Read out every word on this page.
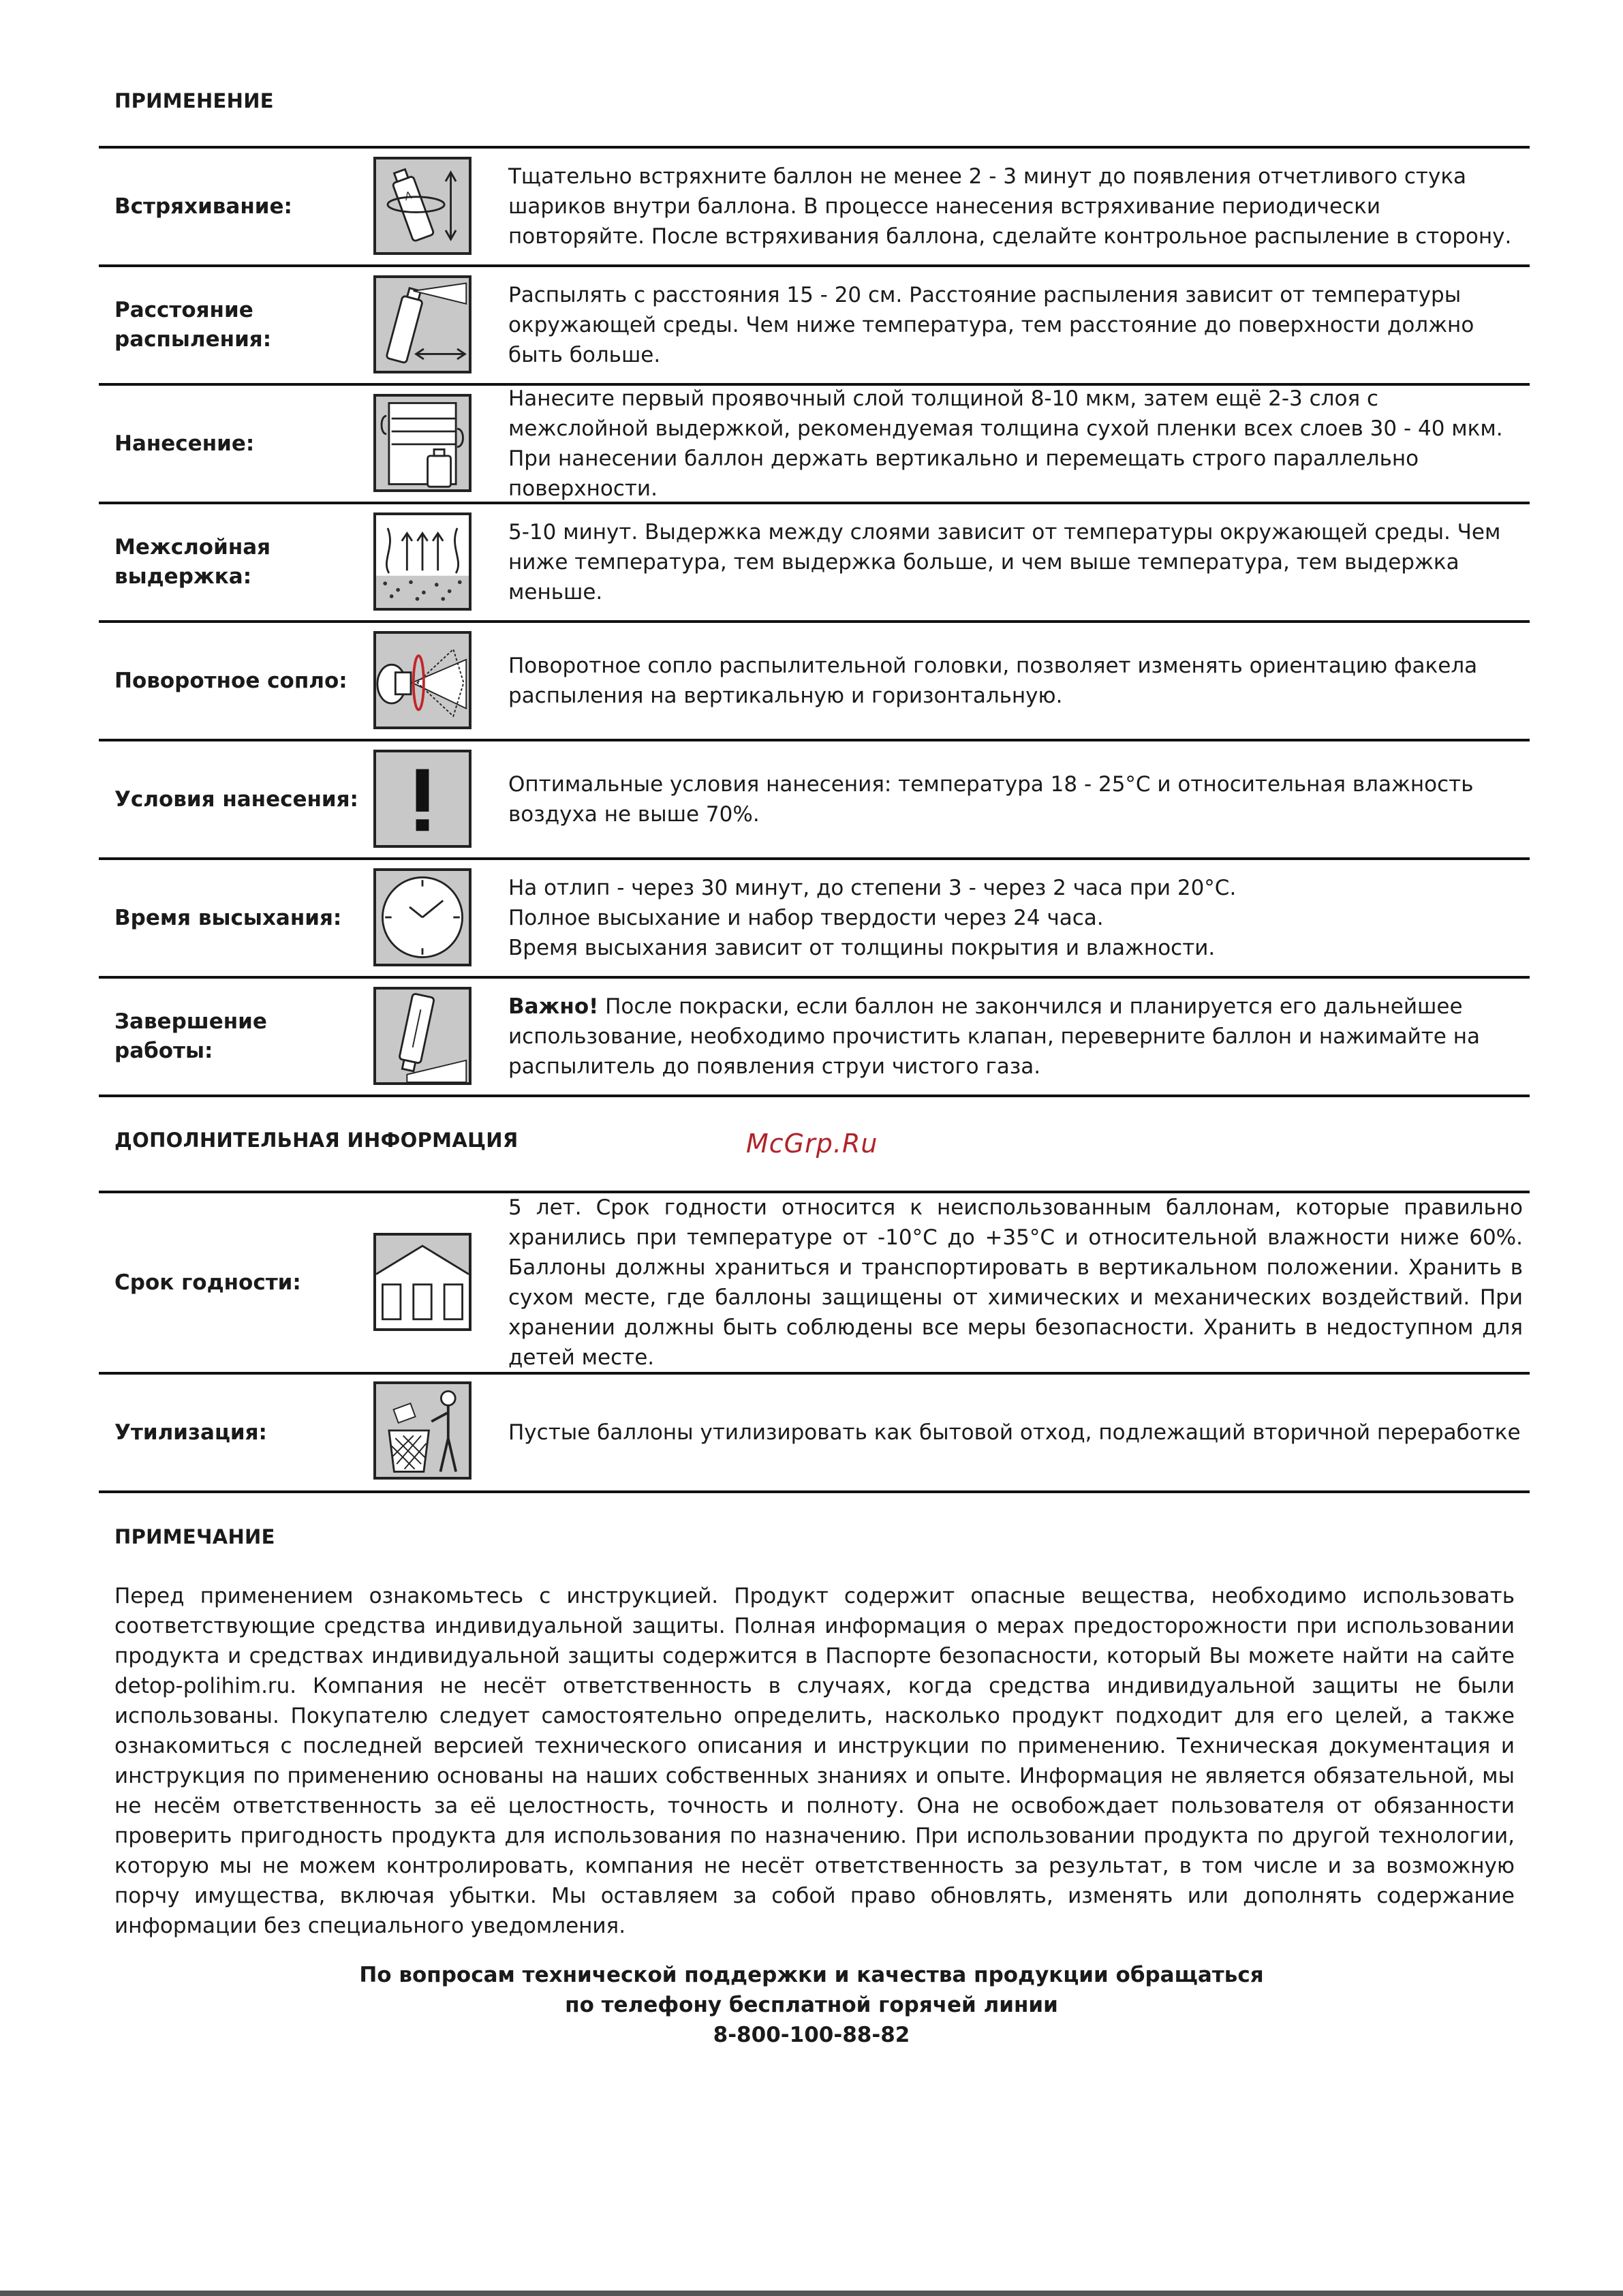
ПРИМЕНЕНИЕ
Встряхивание:	A
Тщательно встряхните баллон не менее 2 - 3 минут до появления отчетливого стука шариков внутри баллона. В процессе нанесения встряхивание периодически повторяйте. После встряхивания баллона, сделайте контрольное распыление в сторону.
Расстояние распыления:
Распылять с расстояния 15 - 20 см. Расстояние распыления зависит от температуры окружающей среды. Чем ниже температура, тем расстояние до поверхности должно быть больше.
Нанесение:
Нанесите первый проявочный слой толщиной 8-10 мкм, затем ещё 2-3 слоя с межслойной выдержкой, рекомендуемая толщина сухой пленки всех слоев 30 - 40 мкм. При нанесении баллон держать вертикально и перемещать строго параллельно поверхности.
Межслойная выдержка:
5-10 минут. Выдержка между слоями зависит от температуры окружающей среды. Чем ниже температура, тем выдержка больше, и чем выше температура, тем выдержка меньше.
Поворотное сопло:
Поворотное сопло распылительной головки, позволяет изменять ориентацию факела распыления на вертикальную и горизонтальную.
Условия нанесения:
Оптимальные условия нанесения: температура 18 - 25°С и относительная влажность воздуха не выше 70%.
Время высыхания:
На отлип - через 30 минут, до степени 3 - через 2 часа при 20°С.
Полное высыхание и набор твердости через 24 часа.
Время высыхания зависит от толщины покрытия и влажности.
Завершение работы:
Важно! После покраски, если баллон не закончился и планируется его дальнейшее использование, необходимо прочистить клапан, переверните баллон и нажимайте на распылитель до появления струи чистого газа.
ДОПОЛНИТЕЛЬНАЯ ИНФОРМАЦИЯ	McGrp.Ru
Срок годности:
5 лет. Срок годности относится к неиспользованным баллонам, которые правильно хранились при температуре от -10°С до +35°С и относительной влажности ниже 60%. Баллоны должны храниться и транспортировать в вертикальном положении. Хранить в сухом месте, где баллоны защищены от химических и механических воздействий. При хранении должны быть соблюдены все меры безопасности. Хранить в недоступном для детей месте.
Утилизация:	Пустые баллоны утилизировать как бытовой отход, подлежащий вторичной переработке
ПРИМЕЧАНИЕ
Перед применением ознакомьтесь с инструкцией. Продукт содержит опасные вещества, необходимо использовать соответствующие средства индивидуальной защиты. Полная информация о мерах предосторожности при использовании продукта и средствах индивидуальной защиты содержится в Паспорте безопасности, который Вы можете найти на сайте detop-polihim.ru. Компания не несёт ответственность в случаях, когда средства индивидуальной защиты не были использованы. Покупателю следует самостоятельно определить, насколько продукт подходит для его целей, а также ознакомиться с последней версией технического описания и инструкции по применению. Техническая документация и инструкция по применению основаны на наших собственных знаниях и опыте. Информация не является обязательной, мы не несём ответственность за её целостность, точность и полноту. Она не освобождает пользователя от обязанности проверить пригодность продукта для использования по назначению. При использовании продукта по другой технологии, которую мы не можем контролировать, компания не несёт ответственность за результат, в том числе и за возможную порчу имущества, включая убытки. Мы оставляем за собой право обновлять, изменять или дополнять содержание информации без специального уведомления.
По вопросам технической поддержки и качества продукции обращаться
по телефону бесплатной горячей линии
8-800-100-88-82
